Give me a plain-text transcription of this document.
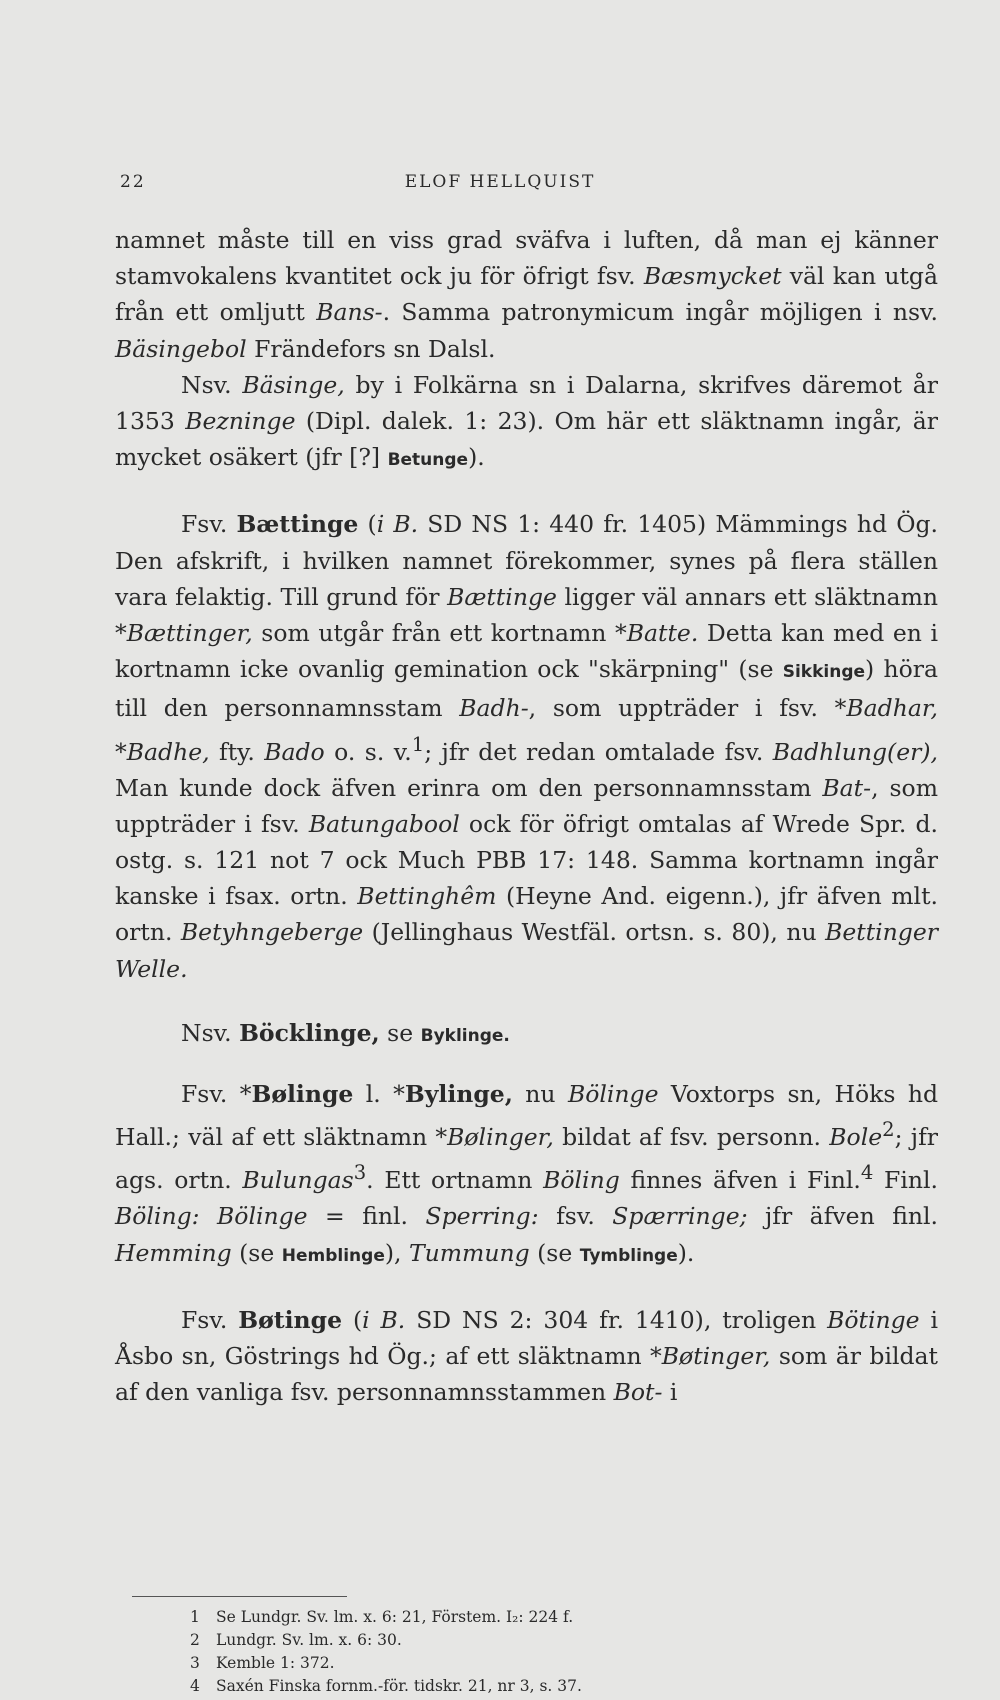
ELOF HELLQUIST
22

namnet måste till en viss grad sväfva i luften, då man ej känner stamvokalens kvantitet ock ju för öfrigt fsv. Bæsmycket väl kan utgå från ett omljutt Bans-. Samma patronymicum ingår möjligen i nsv. Bäsingebol Frändefors sn Dalsl.

Nsv. Bäsinge, by i Folkärna sn i Dalarna, skrifves däremot år 1353 Bezninge (Dipl. dalek. 1: 23). Om här ett släktnamn ingår, är mycket osäkert (jfr [?] Betunge).

Fsv. Bættinge (i B. SD NS 1: 440 fr. 1405) Mämmings hd Ög. Den afskrift, i hvilken namnet förekommer, synes på flera ställen vara felaktig. Till grund för Bættinge ligger väl annars ett släktnamn *Bættinger, som utgår från ett kortnamn *Batte. Detta kan med en i kortnamn icke ovanlig gemination ock "skärpning" (se Sikkinge) höra till den personnamnsstam Badh-, som uppträder i fsv. *Badhar, *Badhe, fty. Bado o. s. v.$^1$; jfr det redan omtalade fsv. Badhlung(er), Man kunde dock äfven erinra om den personnamnsstam Bat-, som uppträder i fsv. Batungabool ock för öfrigt omtalas af Wrede Spr. d. ostg. s. 121 not 7 ock Much PBB 17: 148. Samma kortnamn ingår kanske i fsax. ortn. Bettinghêm (Heyne And. eigenn.), jfr äfven mlt. ortn. Betyhngeberge (Jellinghaus Westfäl. ortsn. s. 80), nu Bettinger Welle.

Nsv. Böcklinge, se Byklinge.

Fsv. *Bølinge l. *Bylinge, nu Bölinge Voxtorps sn, Höks hd Hall.; väl af ett släktnamn *Bølinger, bildat af fsv. personn. Bole$^2$; jfr ags. ortn. Bulungas$^3$. Ett ortnamn Böling finnes äfven i Finl.$^4$ Finl. Böling: Bölinge = finl. Sperring: fsv. Spærringe; jfr äfven finl. Hemming (se Hemblinge), Tummung (se Tymblinge).

Fsv. Bøtinge (i B. SD NS 2: 304 fr. 1410), troligen Bötinge i Åsbo sn, Göstrings hd Ög.; af ett släktnamn *Bøtinger, som är bildat af den vanliga fsv. personnamnsstammen Bot- i

1 Se Lundgr. Sv. lm. x. 6: 21, Förstem. I₂: 224 f.
2 Lundgr. Sv. lm. x. 6: 30.
3 Kemble 1: 372.
4 Saxén Finska fornm.-för. tidskr. 21, nr 3, s. 37.
